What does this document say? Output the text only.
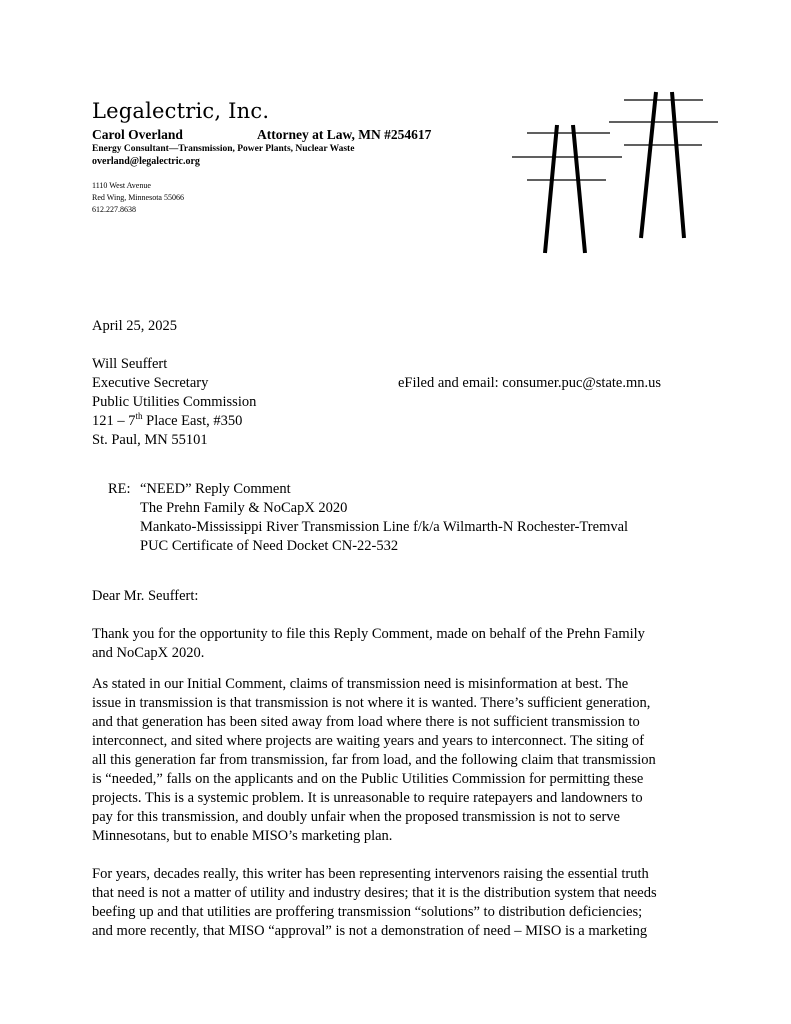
Legalectric, Inc.
Carol Overland	Attorney at Law, MN #254617
Energy Consultant—Transmission, Power Plants, Nuclear Waste
overland@legalectric.org
1110 West Avenue
Red Wing, Minnesota 55066
612.227.8638
April 25, 2025
Will Seuffert
Executive Secretary	eFiled and email: consumer.puc@state.mn.us
Public Utilities Commission
121 – 7th Place East, #350
St. Paul, MN 55101
RE: “NEED” Reply Comment
The Prehn Family & NoCapX 2020
Mankato-Mississippi River Transmission Line f/k/a Wilmarth-N Rochester-Tremval
PUC Certificate of Need Docket CN-22-532
Dear Mr. Seuffert:
Thank you for the opportunity to file this Reply Comment, made on behalf of the Prehn Family
and NoCapX 2020.
As stated in our Initial Comment, claims of transmission need is misinformation at best. The
issue in transmission is that transmission is not where it is wanted. There’s sufficient generation,
and that generation has been sited away from load where there is not sufficient transmission to
interconnect, and sited where projects are waiting years and years to interconnect. The siting of
all this generation far from transmission, far from load, and the following claim that transmission
is “needed,” falls on the applicants and on the Public Utilities Commission for permitting these
projects. This is a systemic problem. It is unreasonable to require ratepayers and landowners to
pay for this transmission, and doubly unfair when the proposed transmission is not to serve
Minnesotans, but to enable MISO’s marketing plan.
For years, decades really, this writer has been representing intervenors raising the essential truth
that need is not a matter of utility and industry desires; that it is the distribution system that needs
beefing up and that utilities are proffering transmission “solutions” to distribution deficiencies;
and more recently, that MISO “approval” is not a demonstration of need – MISO is a marketing
